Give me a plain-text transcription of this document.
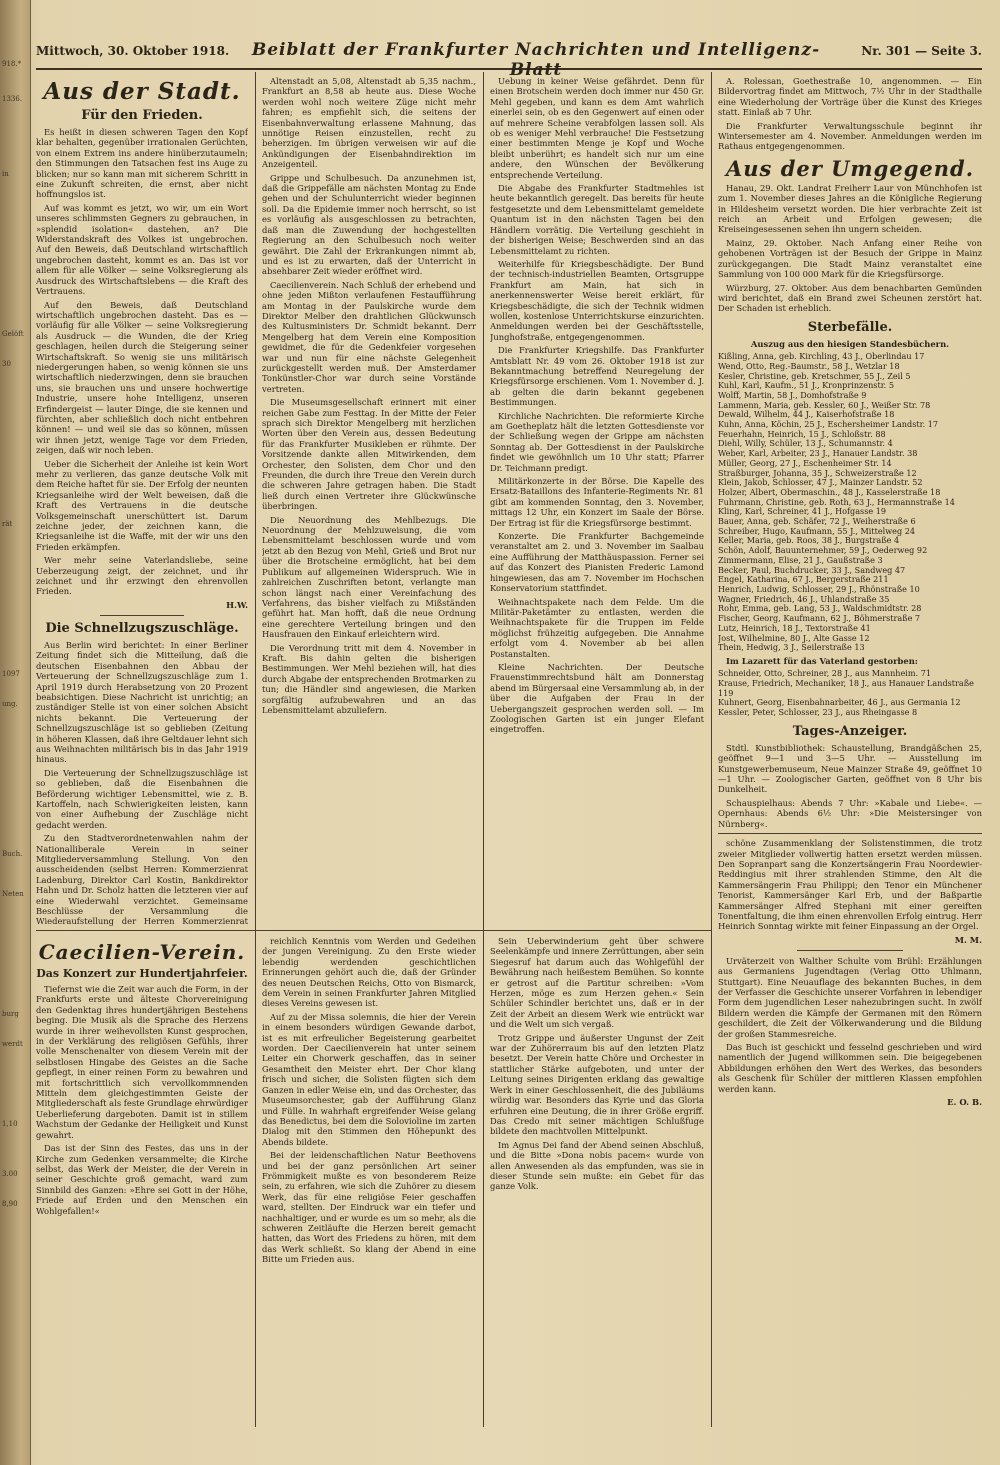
918.*
1336.
in
Gelöft
30
rät
1097
ung.
Buch.
Neten
burg
werdt
1,10
3.00
8,90
Mittwoch, 30. Oktober 1918.	Beiblatt der Frankfurter Nachrichten und Intelligenz-Blatt
Nr. 301 — Seite 3.
Aus der Stadt.
Für den Frieden.

Es heißt in diesen schweren Tagen den Kopf klar behalten, gegenüber irrationalen Gerüchten, von einem Extrem ins andere hinüberzutaumeln; den Stimmungen den Tatsachen fest ins Auge zu blicken; nur so kann man mit sicherem Schritt in eine Zukunft schreiten, die ernst, aber nicht hoffnungslos ist.

Auf was kommt es jetzt, wo wir, um ein Wort unseres schlimmsten Gegners zu gebrauchen, in »splendid isolation« dastehen, an? Die Widerstandskraft des Volkes ist ungebrochen. Auf den Beweis, daß Deutschland wirtschaftlich ungebrochen dasteht, kommt es an. Das ist vor allem für alle Völker — seine Volksregierung als Ausdruck des Wirtschaftslebens — die Kraft des Vertrauens.

Auf den Beweis, daß Deutschland wirtschaftlich ungebrochen dasteht. Das es — vorläufig für alle Völker — seine Volksregierung als Ausdruck — die Wunden, die der Krieg geschlagen, heilen durch die Steigerung seiner Wirtschaftskraft. So wenig sie uns militärisch niedergerungen haben, so wenig können sie uns wirtschaftlich niederzwingen, denn sie brauchen uns, sie brauchen uns und unsere hochwertige Industrie, unsere hohe Intelligenz, unseren Erfindergeist — lauter Dinge, die sie kennen und fürchten, aber schließlich doch nicht entbehren können! — und weil sie das so können, müssen wir ihnen jetzt, wenige Tage vor dem Frieden, zeigen, daß wir noch leben.

Ueber die Sicherheit der Anleihe ist kein Wort mehr zu verlieren, das ganze deutsche Volk mit dem Reiche haftet für sie. Der Erfolg der neunten Kriegsanleihe wird der Welt beweisen, daß die Kraft des Vertrauens in die deutsche Volksgemeinschaft unerschüttert ist. Darum zeichne jeder, der zeichnen kann, die Kriegsanleihe ist die Waffe, mit der wir uns den Frieden erkämpfen.

Wer mehr seine Vaterlandsliebe, seine Ueberzeugung zeigt, der zeichnet, und ihr zeichnet und ihr erzwingt den ehrenvollen Frieden.

H.W.
Die Schnellzugszuschläge.

Aus Berlin wird berichtet: In einer Berliner Zeitung findet sich die Mitteilung, daß die deutschen Eisenbahnen den Abbau der Verteuerung der Schnellzugszuschläge zum 1. April 1919 durch Herabsetzung von 20 Prozent beabsichtigen. Diese Nachricht ist unrichtig; an zuständiger Stelle ist von einer solchen Absicht nichts bekannt. Die Verteuerung der Schnellzugszuschläge ist so geblieben (Zeitung in höheren Klassen, daß ihre Geltdauer lehnt sich aus Weihnachten militärisch bis in das Jahr 1919 hinaus.

Die Verteuerung der Schnellzugszuschläge ist so geblieben, daß die Eisenbahnen die Beförderung wichtiger Lebensmittel, wie z. B. Kartoffeln, nach Schwierigkeiten leisten, kann von einer Aufhebung der Zuschläge nicht gedacht werden.

Zu den Stadtverordnetenwahlen nahm der Nationalliberale Verein in seiner Mitgliederversammlung Stellung. Von den ausscheidenden (selbst Herren: Kommerzienrat Ladenburg, Direktor Carl Kostin, Bankdirektor Hahn und Dr. Scholz hatten die letzteren vier auf eine Wiederwahl verzichtet. Gemeinsame Beschlüsse der Versammlung die Wiederaufstellung der Herren Kommerzienrat

Caecilien-Verein.
Das Konzert zur Hundertjahrfeier.

Tiefernst wie die Zeit war auch die Form, in der Frankfurts erste und älteste Chorvereinigung den Gedenktag ihres hundertjährigen Bestehens beging. Die Musik als die Sprache des Herzens wurde in ihrer weihevollsten Kunst gesprochen, in der Verklärung des religiösen Gefühls, ihrer volle Menschenalter von diesem Verein mit der selbstlosen Hingabe des Geistes an die Sache gepflegt, in einer reinen Form zu bewahren und mit fortschrittlich sich vervollkommnenden Mitteln dem gleichgestimmten Geiste der Mitgliederschaft als feste Grundlage ehrwürdiger Ueberlieferung dargeboten. Damit ist in stillem Wachstum der Gedanke der Heiligkeit und Kunst gewahrt.

Das ist der Sinn des Festes, das uns in der Kirche zum Gedenken versammelte; die Kirche selbst, das Werk der Meister, die der Verein in seiner Geschichte groß gemacht, ward zum Sinnbild des Ganzen: »Ehre sei Gott in der Höhe, Friede auf Erden und den Menschen ein Wohlgefallen!«

Altenstadt an 5,08, Altenstadt ab 5,35 nachm., Frankfurt an 8,58 ab heute aus. Diese Woche werden wohl noch weitere Züge nicht mehr fahren; es empfiehlt sich, die seitens der Eisenbahnverwaltung erlassene Mahnung, das unnötige Reisen einzustellen, recht zu beherzigen. Im übrigen verweisen wir auf die Ankündigungen der Eisenbahndirektion im Anzeigenteil.

Grippe und Schulbesuch. Da anzunehmen ist, daß die Grippefälle am nächsten Montag zu Ende gehen und der Schulunterricht wieder beginnen soll. Da die Epidemie immer noch herrscht, so ist es vorläufig als ausgeschlossen zu betrachten, daß man die Zuwendung der hochgestellten Regierung an den Schulbesuch noch weiter gewährt. Die Zahl der Erkrankungen nimmt ab, und es ist zu erwarten, daß der Unterricht in absehbarer Zeit wieder eröffnet wird.

Caecilienverein. Nach Schluß der erhebend und ohne jeden Mißton verlaufenen Festaufführung am Montag in der Paulskirche wurde dem Direktor Melber den drahtlichen Glückwunsch des Kultusministers Dr. Schmidt bekannt. Derr Mengelberg hat dem Verein eine Komposition gewidmet, die für die Gedenkfeier vorgesehen war und nun für eine nächste Gelegenheit zurückgestellt werden muß. Der Amsterdamer Tonkünstler-Chor war durch seine Vorstände vertreten.

Die Museumsgesellschaft erinnert mit einer reichen Gabe zum Festtag. In der Mitte der Feier sprach sich Direktor Mengelberg mit herzlichen Worten über den Verein aus, dessen Bedeutung für das Frankfurter Musikleben er rühmte. Der Vorsitzende dankte allen Mitwirkenden, dem Orchester, den Solisten, dem Chor und den Freunden, die durch ihre Treue den Verein durch die schweren Jahre getragen haben. Die Stadt ließ durch einen Vertreter ihre Glückwünsche überbringen.

Die Neuordnung des Mehlbezugs. Die Neuordnung der Mehlzuweisung, die vom Lebensmittelamt beschlossen wurde und vom jetzt ab den Bezug von Mehl, Grieß und Brot nur über die Brotscheine ermöglicht, hat bei dem Publikum auf allgemeinen Widerspruch. Wie in zahlreichen Zuschriften betont, verlangte man schon längst nach einer Vereinfachung des Verfahrens, das bisher vielfach zu Mißständen geführt hat. Man hofft, daß die neue Ordnung eine gerechtere Verteilung bringen und den Hausfrauen den Einkauf erleichtern wird.

Die Verordnung tritt mit dem 4. November in Kraft. Bis dahin gelten die bisherigen Bestimmungen. Wer Mehl beziehen will, hat dies durch Abgabe der entsprechenden Brotmarken zu tun; die Händler sind angewiesen, die Marken sorgfältig aufzubewahren und an das Lebensmittelamt abzuliefern.

reichlich Kenntnis vom Werden und Gedeihen der jungen Vereinigung. Zu den Erste wieder lebendig werdenden geschichtlichen Erinnerungen gehört auch die, daß der Gründer des neuen Deutschen Reichs, Otto von Bismarck, dem Verein in seinen Frankfurter Jahren Mitglied dieses Vereins gewesen ist.

Auf zu der Missa solemnis, die hier der Verein in einem besonders würdigen Gewande darbot, ist es mit erfreulicher Begeisterung gearbeitet worden. Der Caecilienverein hat unter seinem Leiter ein Chorwerk geschaffen, das in seiner Gesamtheit den Meister ehrt. Der Chor klang frisch und sicher, die Solisten fügten sich dem Ganzen in edler Weise ein, und das Orchester, das Museumsorchester, gab der Aufführung Glanz und Fülle. In wahrhaft ergreifender Weise gelang das Benedictus, bei dem die Solovioline im zarten Dialog mit den Stimmen den Höhepunkt des Abends bildete.

Bei der leidenschaftlichen Natur Beethovens und bei der ganz persönlichen Art seiner Frömmigkeit mußte es von besonderem Reize sein, zu erfahren, wie sich die Zuhörer zu diesem Werk, das für eine religiöse Feier geschaffen ward, stellten. Der Eindruck war ein tiefer und nachhaltiger, und er wurde es um so mehr, als die schweren Zeitläufte die Herzen bereit gemacht hatten, das Wort des Friedens zu hören, mit dem das Werk schließt. So klang der Abend in eine Bitte um Frieden aus.

Uebung in keiner Weise gefährdet. Denn für einen Brotschein werden doch immer nur 450 Gr. Mehl gegeben, und kann es dem Amt wahrlich einerlei sein, ob es den Gegenwert auf einen oder auf mehrere Scheine verabfolgen lassen soll. Als ob es weniger Mehl verbrauche! Die Festsetzung einer bestimmten Menge je Kopf und Woche bleibt unberührt; es handelt sich nur um eine andere, den Wünschen der Bevölkerung entsprechende Verteilung.

Die Abgabe des Frankfurter Stadtmehles ist heute bekanntlich geregelt. Das bereits für heute festgesetzte und dem Lebensmittelamt gemeldete Quantum ist in den nächsten Tagen bei den Händlern vorrätig. Die Verteilung geschieht in der bisherigen Weise; Beschwerden sind an das Lebensmittelamt zu richten.

Weiterhilfe für Kriegsbeschädigte. Der Bund der technisch-industriellen Beamten, Ortsgruppe Frankfurt am Main, hat sich in anerkennenswerter Weise bereit erklärt, für Kriegsbeschädigte, die sich der Technik widmen wollen, kostenlose Unterrichtskurse einzurichten. Anmeldungen werden bei der Geschäftsstelle, Junghofstraße, entgegengenommen.

Die Frankfurter Kriegshilfe. Das Frankfurter Amtsblatt Nr. 49 vom 26. Oktober 1918 ist zur Bekanntmachung betreffend Neuregelung der Kriegsfürsorge erschienen. Vom 1. November d. J. ab gelten die darin bekannt gegebenen Bestimmungen.

Kirchliche Nachrichten. Die reformierte Kirche am Goetheplatz hält die letzten Gottesdienste vor der Schließung wegen der Grippe am nächsten Sonntag ab. Der Gottesdienst in der Paulskirche findet wie gewöhnlich um 10 Uhr statt; Pfarrer Dr. Teichmann predigt.

Militärkonzerte in der Börse. Die Kapelle des Ersatz-Bataillons des Infanterie-Regiments Nr. 81 gibt am kommenden Sonntag, den 3. November, mittags 12 Uhr, ein Konzert im Saale der Börse. Der Ertrag ist für die Kriegsfürsorge bestimmt.

Konzerte. Die Frankfurter Bachgemeinde veranstaltet am 2. und 3. November im Saalbau eine Aufführung der Matthäuspassion. Ferner sei auf das Konzert des Pianisten Frederic Lamond hingewiesen, das am 7. November im Hochschen Konservatorium stattfindet.

Weihnachtspakete nach dem Felde. Um die Militär-Paketämter zu entlasten, werden die Weihnachtspakete für die Truppen im Felde möglichst frühzeitig aufgegeben. Die Annahme erfolgt vom 4. November ab bei allen Postanstalten.

Kleine Nachrichten. Der Deutsche Frauenstimmrechtsbund hält am Donnerstag abend im Bürgersaal eine Versammlung ab, in der über die Aufgaben der Frau in der Uebergangszeit gesprochen werden soll. — Im Zoologischen Garten ist ein junger Elefant eingetroffen.

Sein Ueberwinderium geht über schwere Seelenkämpfe und innere Zerrüttungen, aber sein Siegesruf hat darum auch das Wohlgefühl der Bewährung nach heißestem Bemühen. So konnte er getrost auf die Partitur schreiben: »Vom Herzen, möge es zum Herzen gehen.« Sein Schüler Schindler berichtet uns, daß er in der Zeit der Arbeit an diesem Werk wie entrückt war und die Welt um sich vergaß.

Trotz Grippe und äußerster Ungunst der Zeit war der Zuhörerraum bis auf den letzten Platz besetzt. Der Verein hatte Chöre und Orchester in stattlicher Stärke aufgeboten, und unter der Leitung seines Dirigenten erklang das gewaltige Werk in einer Geschlossenheit, die des Jubiläums würdig war. Besonders das Kyrie und das Gloria erfuhren eine Deutung, die in ihrer Größe ergriff. Das Credo mit seiner mächtigen Schlußfuge bildete den machtvollen Mittelpunkt.

Im Agnus Dei fand der Abend seinen Abschluß, und die Bitte »Dona nobis pacem« wurde von allen Anwesenden als das empfunden, was sie in dieser Stunde sein mußte: ein Gebet für das ganze Volk.

A. Rolessan, Goethestraße 10, angenommen. — Ein Bildervortrag findet am Mittwoch, 7½ Uhr in der Stadthalle eine Wiederholung der Vorträge über die Kunst des Krieges statt. Einlaß ab 7 Uhr.

Die Frankfurter Verwaltungsschule beginnt ihr Wintersemester am 4. November. Anmeldungen werden im Rathaus entgegengenommen.

Aus der Umgegend.

Hanau, 29. Okt. Landrat Freiherr Laur von Münchhofen ist zum 1. November dieses Jahres an die Königliche Regierung in Hildesheim versetzt worden. Die hier verbrachte Zeit ist reich an Arbeit und Erfolgen gewesen; die Kreiseingesessenen sehen ihn ungern scheiden.

Mainz, 29. Oktober. Nach Anfang einer Reihe von gehobenen Vorträgen ist der Besuch der Grippe in Mainz zurückgegangen. Die Stadt Mainz veranstaltet eine Sammlung von 100 000 Mark für die Kriegsfürsorge.

Würzburg, 27. Oktober. Aus dem benachbarten Gemünden wird berichtet, daß ein Brand zwei Scheunen zerstört hat. Der Schaden ist erheblich.

Sterbefälle.

Auszug aus den hiesigen Standesbüchern.

Kißling, Anna, geb. Kirchling, 43 J., Oberlindau 17
Wend, Otto, Reg.-Baumstr., 58 J., Wetzlar 18
Kesler, Christine, geb. Kretschmer, 55 J., Zeil 5
Kuhl, Karl, Kaufm., 51 J., Kronprinzenstr. 5
Wolff, Martin, 58 J., Domhofstraße 9
Lammenn, Maria, geb. Kessler, 60 J., Weißer Str. 78
Dewald, Wilhelm, 44 J., Kaiserhofstraße 18
Kuhn, Anna, Köchin, 25 J., Eschersheimer Landstr. 17
Feuerhahn, Heinrich, 15 J., Schloßstr. 88
Diehl, Willy, Schüler, 13 J., Schumannstr. 4
Weber, Karl, Arbeiter, 23 J., Hanauer Landstr. 38
Müller, Georg, 27 J., Eschenheimer Str. 14
Straßburger, Johanna, 35 J., Schweizerstraße 12
Klein, Jakob, Schlosser, 47 J., Mainzer Landstr. 52
Holzer, Albert, Obermaschin., 48 J., Kasselerstraße 18
Fuhrmann, Christine, geb. Roth, 63 J., Hermannstraße 14
Kling, Karl, Schreiner, 41 J., Hofgasse 19
Bauer, Anna, geb. Schäfer, 72 J., Weiherstraße 6
Schreiber, Hugo, Kaufmann, 55 J., Mittelweg 24
Keller, Maria, geb. Roos, 38 J., Burgstraße 4
Schön, Adolf, Bauunternehmer, 59 J., Oederweg 92
Zimmermann, Elise, 21 J., Gaußstraße 3
Becker, Paul, Buchdrucker, 33 J., Sandweg 47
Engel, Katharina, 67 J., Bergerstraße 211
Henrich, Ludwig, Schlosser, 29 J., Rhönstraße 10
Wagner, Friedrich, 46 J., Uhlandstraße 35
Rohr, Emma, geb. Lang, 53 J., Waldschmidtstr. 28
Fischer, Georg, Kaufmann, 62 J., Böhmerstraße 7
Lutz, Heinrich, 18 J., Textorstraße 41
Jost, Wilhelmine, 80 J., Alte Gasse 12
Thein, Hedwig, 3 J., Seilerstraße 13

Im Lazarett für das Vaterland gestorben:

Schneider, Otto, Schreiner, 28 J., aus Mannheim. 71
Krause, Friedrich, Mechaniker, 18 J., aus Hanauer Landstraße 119
Kuhnert, Georg, Eisenbahnarbeiter, 46 J., aus Germania 12
Kessler, Peter, Schlosser, 23 J., aus Rheingasse 8
Tages-Anzeiger.

Stdtl. Kunstbibliothek: Schaustellung, Brandgäßchen 25, geöffnet 9—1 und 3—5 Uhr. — Ausstellung im Kunstgewerbemuseum, Neue Mainzer Straße 49, geöffnet 10—1 Uhr. — Zoologischer Garten, geöffnet von 8 Uhr bis Dunkelheit.

Schauspielhaus: Abends 7 Uhr: »Kabale und Liebe«. — Opernhaus: Abends 6½ Uhr: »Die Meistersinger von Nürnberg«.

schöne Zusammenklang der Solistenstimmen, die trotz zweier Mitglieder vollwertig hatten ersetzt werden müssen. Den Sopranpart sang die Konzertsängerin Frau Noordewier-Reddingius mit ihrer strahlenden Stimme, den Alt die Kammersängerin Frau Philippi; den Tenor ein Münchener Tenorist, Kammersänger Karl Erb, und der Baßpartie Kammersänger Alfred Stephani mit einer gereiften Tonentfaltung, die ihm einen ehrenvollen Erfolg eintrug. Herr Heinrich Sonntag wirkte mit feiner Einpassung an der Orgel.

M. M.

Urväterzeit von Walther Schulte vom Brühl: Erzählungen aus Germaniens Jugendtagen (Verlag Otto Uhlmann, Stuttgart). Eine Neuauflage des bekannten Buches, in dem der Verfasser die Geschichte unserer Vorfahren in lebendiger Form dem jugendlichen Leser nahezubringen sucht. In zwölf Bildern werden die Kämpfe der Germanen mit den Römern geschildert, die Zeit der Völkerwanderung und die Bildung der großen Stammesreiche.

Das Buch ist geschickt und fesselnd geschrieben und wird namentlich der Jugend willkommen sein. Die beigegebenen Abbildungen erhöhen den Wert des Werkes, das besonders als Geschenk für Schüler der mittleren Klassen empfohlen werden kann.

E. O. B.
